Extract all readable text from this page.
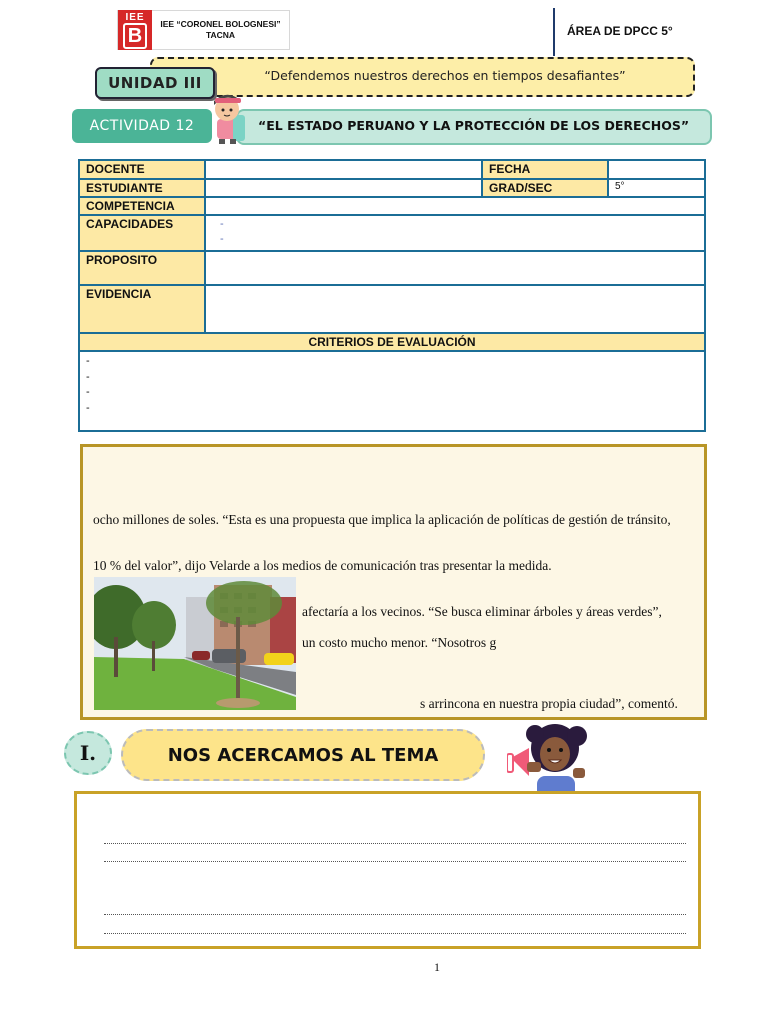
IEE
B
IEE “CORONEL BOLOGNESI”
TACNA	ÁREA DE DPCC 5°
“Defendemos nuestros derechos en tiempos desafiantes”
UNIDAD III
“EL ESTADO PERUANO Y LA PROTECCIÓN DE LOS DERECHOS”
ACTIVIDAD 12
DOCENTE		FECHA	
ESTUDIANTE		GRAD/SEC	5°
COMPETENCIA			
CAPACIDADES	-
-		

PROPOSITO			
EVIDENCIA			
CRITERIOS DE EVALUACIÓN			

-
-
-
-			
ocho millones de soles. “Esta es una propuesta que implica la aplicación de políticas de gestión de tránsito,
10 % del valor”, dijo Velarde a los medios de comunicación tras presentar la medida.
afectaría a los vecinos. “Se busca eliminar árboles y áreas verdes”,
un costo mucho menor. “Nosotros g
s arrincona en nuestra propia ciudad”, comentó.
I.	NOS ACERCAMOS AL TEMA
1
